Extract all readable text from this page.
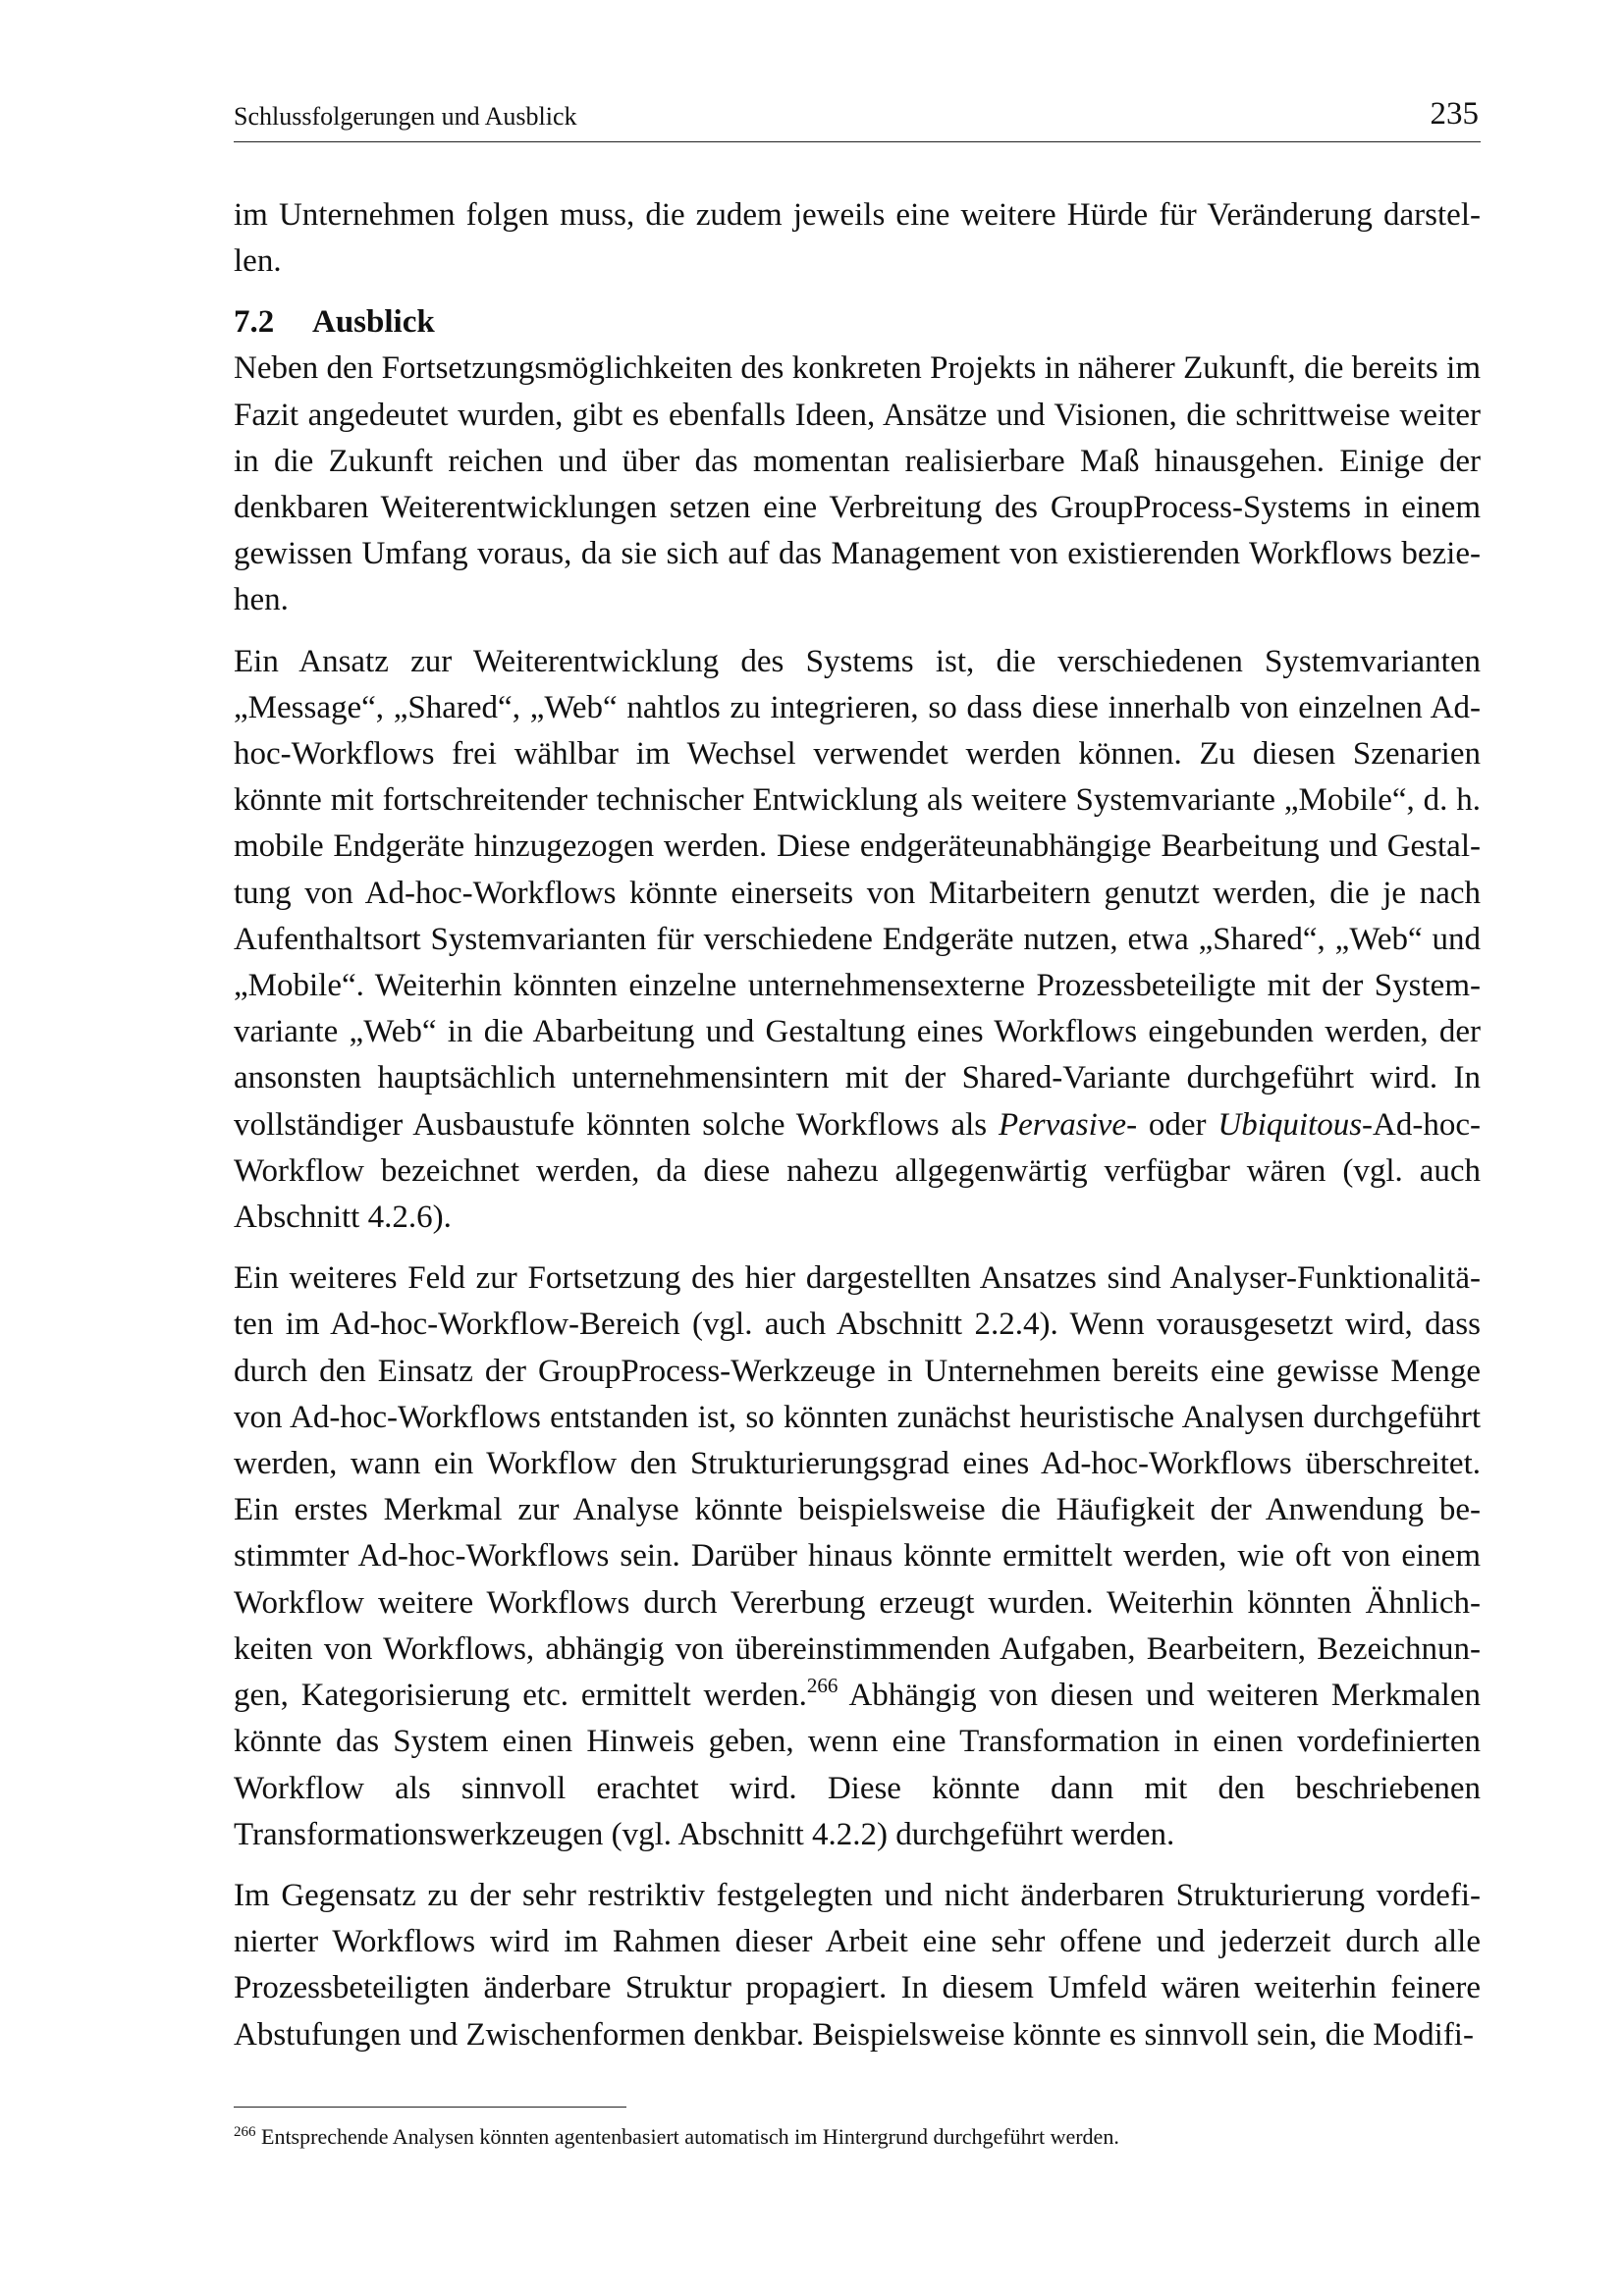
Schlussfolgerungen und Ausblick	235

im Unternehmen folgen muss, die zudem jeweils eine weitere Hürde für Veränderung darstellen.

7.2 Ausblick

Neben den Fortsetzungsmöglichkeiten des konkreten Projekts in näherer Zukunft, die bereits im Fazit angedeutet wurden, gibt es ebenfalls Ideen, Ansätze und Visionen, die schrittweise weiter in die Zukunft reichen und über das momentan realisierbare Maß hinausgehen. Einige der denkbaren Weiterentwicklungen setzen eine Verbreitung des GroupProcess-Systems in einem gewissen Umfang voraus, da sie sich auf das Management von existierenden Workflows beziehen.

Ein Ansatz zur Weiterentwicklung des Systems ist, die verschiedenen Systemvarianten „Message“, „Shared“, „Web“ nahtlos zu integrieren, so dass diese innerhalb von einzelnen Ad-hoc-Workflows frei wählbar im Wechsel verwendet werden können. Zu diesen Szenarien könnte mit fortschreitender technischer Entwicklung als weitere Systemvariante „Mobile“, d. h. mobile Endgeräte hinzugezogen werden. Diese endgeräteunabhängige Bearbeitung und Gestaltung von Ad-hoc-Workflows könnte einerseits von Mitarbeitern genutzt werden, die je nach Aufenthaltsort Systemvarianten für verschiedene Endgeräte nutzen, etwa „Shared“, „Web“ und „Mobile“. Weiterhin könnten einzelne unternehmensexterne Prozessbeteiligte mit der Systemvariante „Web“ in die Abarbeitung und Gestaltung eines Workflows eingebunden werden, der ansonsten hauptsächlich unternehmensintern mit der Shared-Variante durchgeführt wird. In vollständiger Ausbaustufe könnten solche Workflows als Pervasive- oder Ubiquitous-Ad-hoc-Workflow bezeichnet werden, da diese nahezu allgegenwärtig verfügbar wären (vgl. auch Abschnitt 4.2.6).

Ein weiteres Feld zur Fortsetzung des hier dargestellten Ansatzes sind Analyser-Funktionalitäten im Ad-hoc-Workflow-Bereich (vgl. auch Abschnitt 2.2.4). Wenn vorausgesetzt wird, dass durch den Einsatz der GroupProcess-Werkzeuge in Unternehmen bereits eine gewisse Menge von Ad-hoc-Workflows entstanden ist, so könnten zunächst heuristische Analysen durchgeführt werden, wann ein Workflow den Strukturierungsgrad eines Ad-hoc-Workflows überschreitet. Ein erstes Merkmal zur Analyse könnte beispielsweise die Häufigkeit der Anwendung bestimmter Ad-hoc-Workflows sein. Darüber hinaus könnte ermittelt werden, wie oft von einem Workflow weitere Workflows durch Vererbung erzeugt wurden. Weiterhin könnten Ähnlichkeiten von Workflows, abhängig von übereinstimmenden Aufgaben, Bearbeitern, Bezeichnungen, Kategorisierung etc. ermittelt werden.$^{266}$ Abhängig von diesen und weiteren Merkmalen könnte das System einen Hinweis geben, wenn eine Transformation in einen vordefinierten Workflow als sinnvoll erachtet wird. Diese könnte dann mit den beschriebenen Transformationswerkzeugen (vgl. Abschnitt 4.2.2) durchgeführt werden.

Im Gegensatz zu der sehr restriktiv festgelegten und nicht änderbaren Strukturierung vordefinierter Workflows wird im Rahmen dieser Arbeit eine sehr offene und jederzeit durch alle Prozessbeteiligten änderbare Struktur propagiert. In diesem Umfeld wären weiterhin feinere Abstufungen und Zwischenformen denkbar. Beispielsweise könnte es sinnvoll sein, die Modifi-

$^{266}$ Entsprechende Analysen könnten agentenbasiert automatisch im Hintergrund durchgeführt werden.
